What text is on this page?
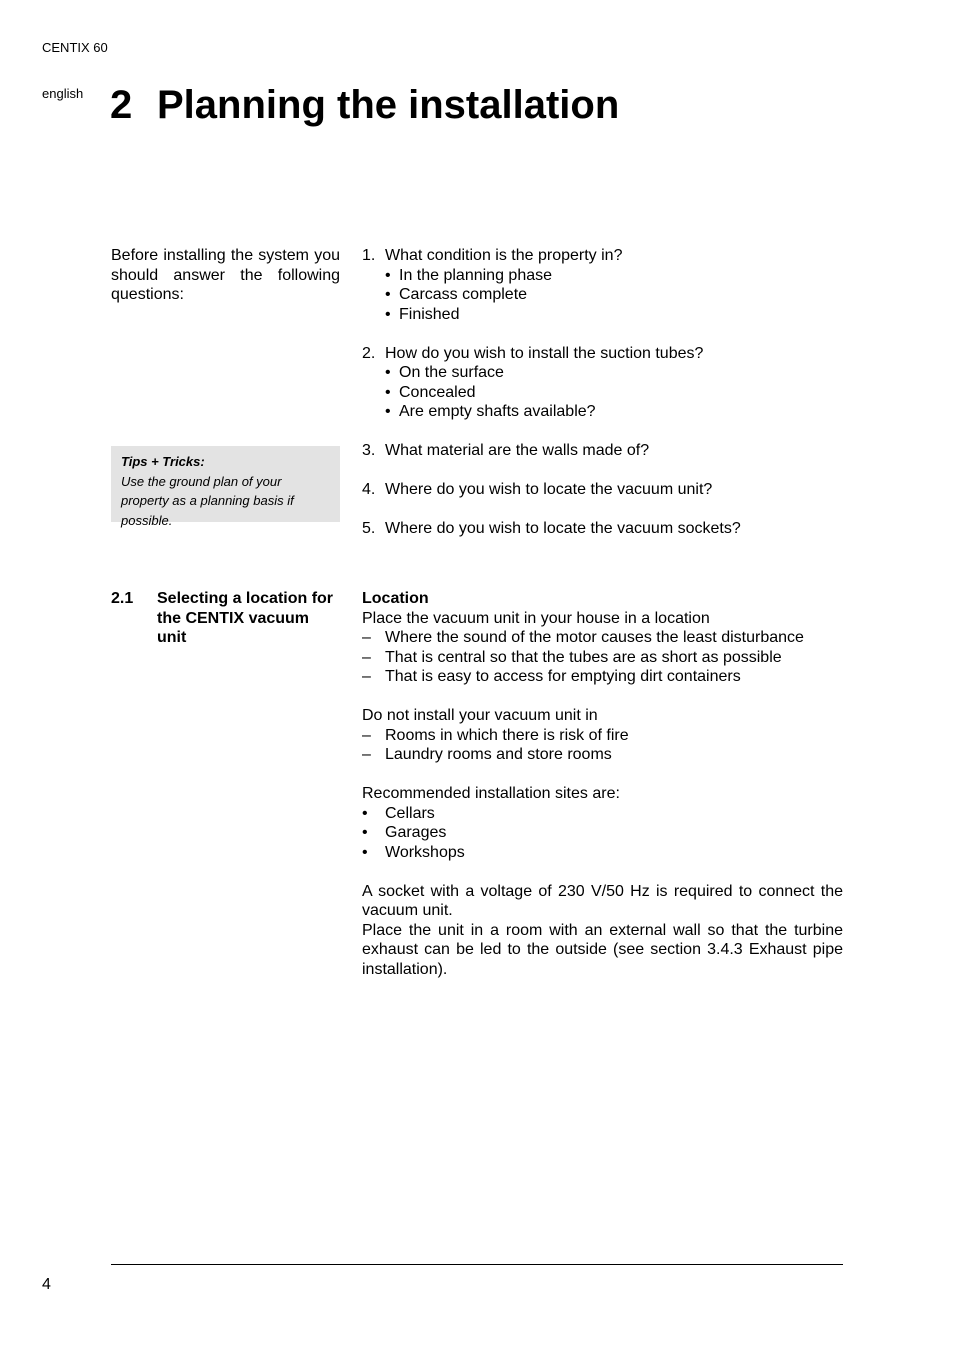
CENTIX 60
english 2 Planning the installation
Before installing the system you should answer the following questions:
1. What condition is the property in?
• In the planning phase
• Carcass complete
• Finished
2. How do you wish to install the suction tubes?
• On the surface
• Concealed
• Are empty shafts available?
3. What material are the walls made of?
4. Where do you wish to locate the vacuum unit?
5. Where do you wish to locate the vacuum sockets?
Tips + Tricks:
Use the ground plan of your property as a planning basis if possible.
2.1 Selecting a location for the CENTIX vacuum unit
Location
Place the vacuum unit in your house in a location
– Where the sound of the motor causes the least disturbance
– That is central so that the tubes are as short as possible
– That is easy to access for emptying dirt containers
Do not install your vacuum unit in
– Rooms in which there is risk of fire
– Laundry rooms and store rooms
Recommended installation sites are:
•	Cellars
•	Garages
•	Workshops
A socket with a voltage of 230 V/50 Hz is required to connect the vacuum unit.
Place the unit in a room with an external wall so that the turbine exhaust can be led to the outside (see section 3.4.3 Exhaust pipe installation).
4
